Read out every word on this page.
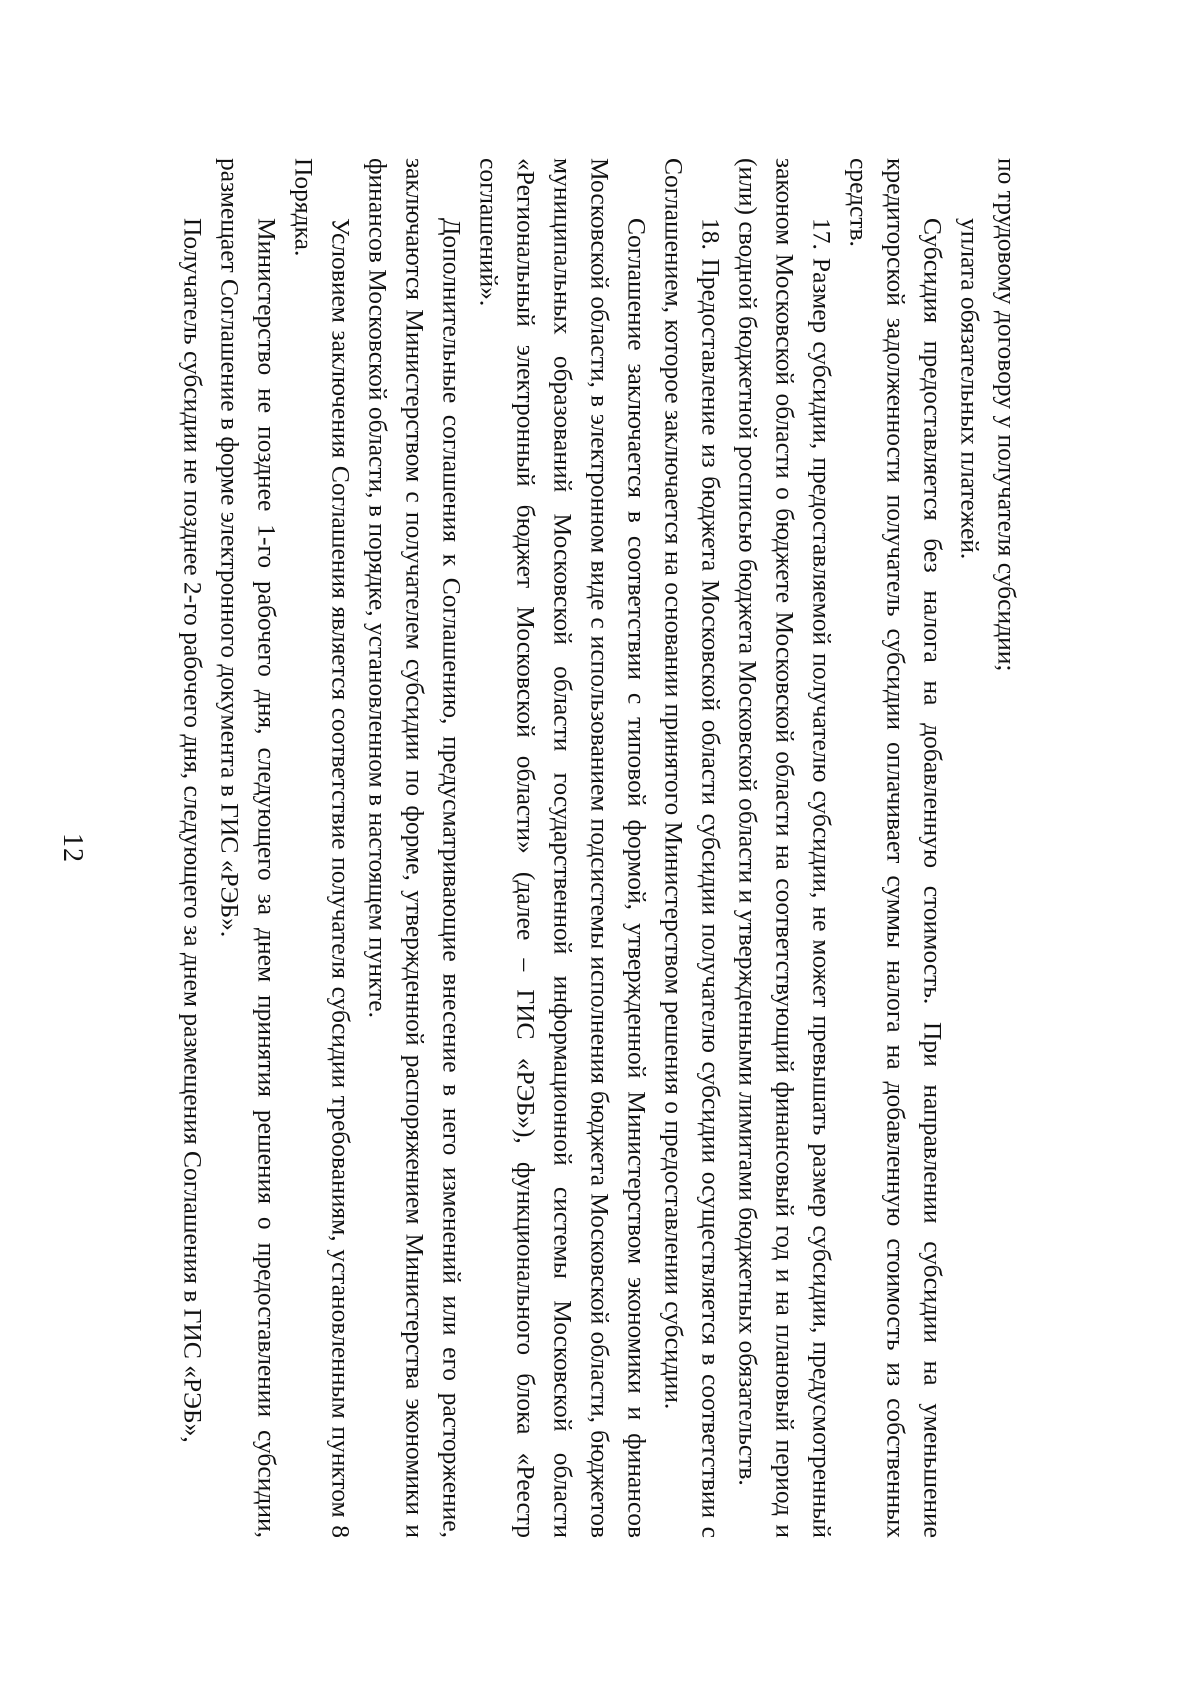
12

по трудовому договору у получателя субсидии;

уплата обязательных платежей.

Субсидия предоставляется без налога на добавленную стоимость. При направлении субсидии на уменьшение кредиторской задолженности получатель субсидии оплачивает суммы налога на добавленную стоимость из собственных средств.

17. Размер субсидии, предоставляемой получателю субсидии, не может превышать размер субсидии, предусмотренный законом Московской области о бюджете Московской области на соответствующий финансовый год и на плановый период и (или) сводной бюджетной росписью бюджета Московской области и утвержденными лимитами бюджетных обязательств.

18. Предоставление из бюджета Московской области субсидии получателю субсидии осуществляется в соответствии с Соглашением, которое заключается на основании принятого Министерством решения о предоставлении субсидии.

Соглашение заключается в соответствии с типовой формой, утвержденной Министерством экономики и финансов Московской области, в электронном виде с использованием подсистемы исполнения бюджета Московской области, бюджетов муниципальных образований Московской области государственной информационной системы Московской области «Региональный электронный бюджет Московской области» (далее – ГИС «РЭБ»), функционального блока «Реестр соглашений».

Дополнительные соглашения к Соглашению, предусматривающие внесение в него изменений или его расторжение, заключаются Министерством с получателем субсидии по форме, утвержденной распоряжением Министерства экономики и финансов Московской области, в порядке, установленном в настоящем пункте.

Условием заключения Соглашения является соответствие получателя субсидии требованиям, установленным пунктом 8 Порядка.

Министерство не позднее 1-го рабочего дня, следующего за днем принятия решения о предоставлении субсидии, размещает Соглашение в форме электронного документа в ГИС «РЭБ».

Получатель субсидии не позднее 2-го рабочего дня, следующего за днем размещения Соглашения в ГИС «РЭБ»,
